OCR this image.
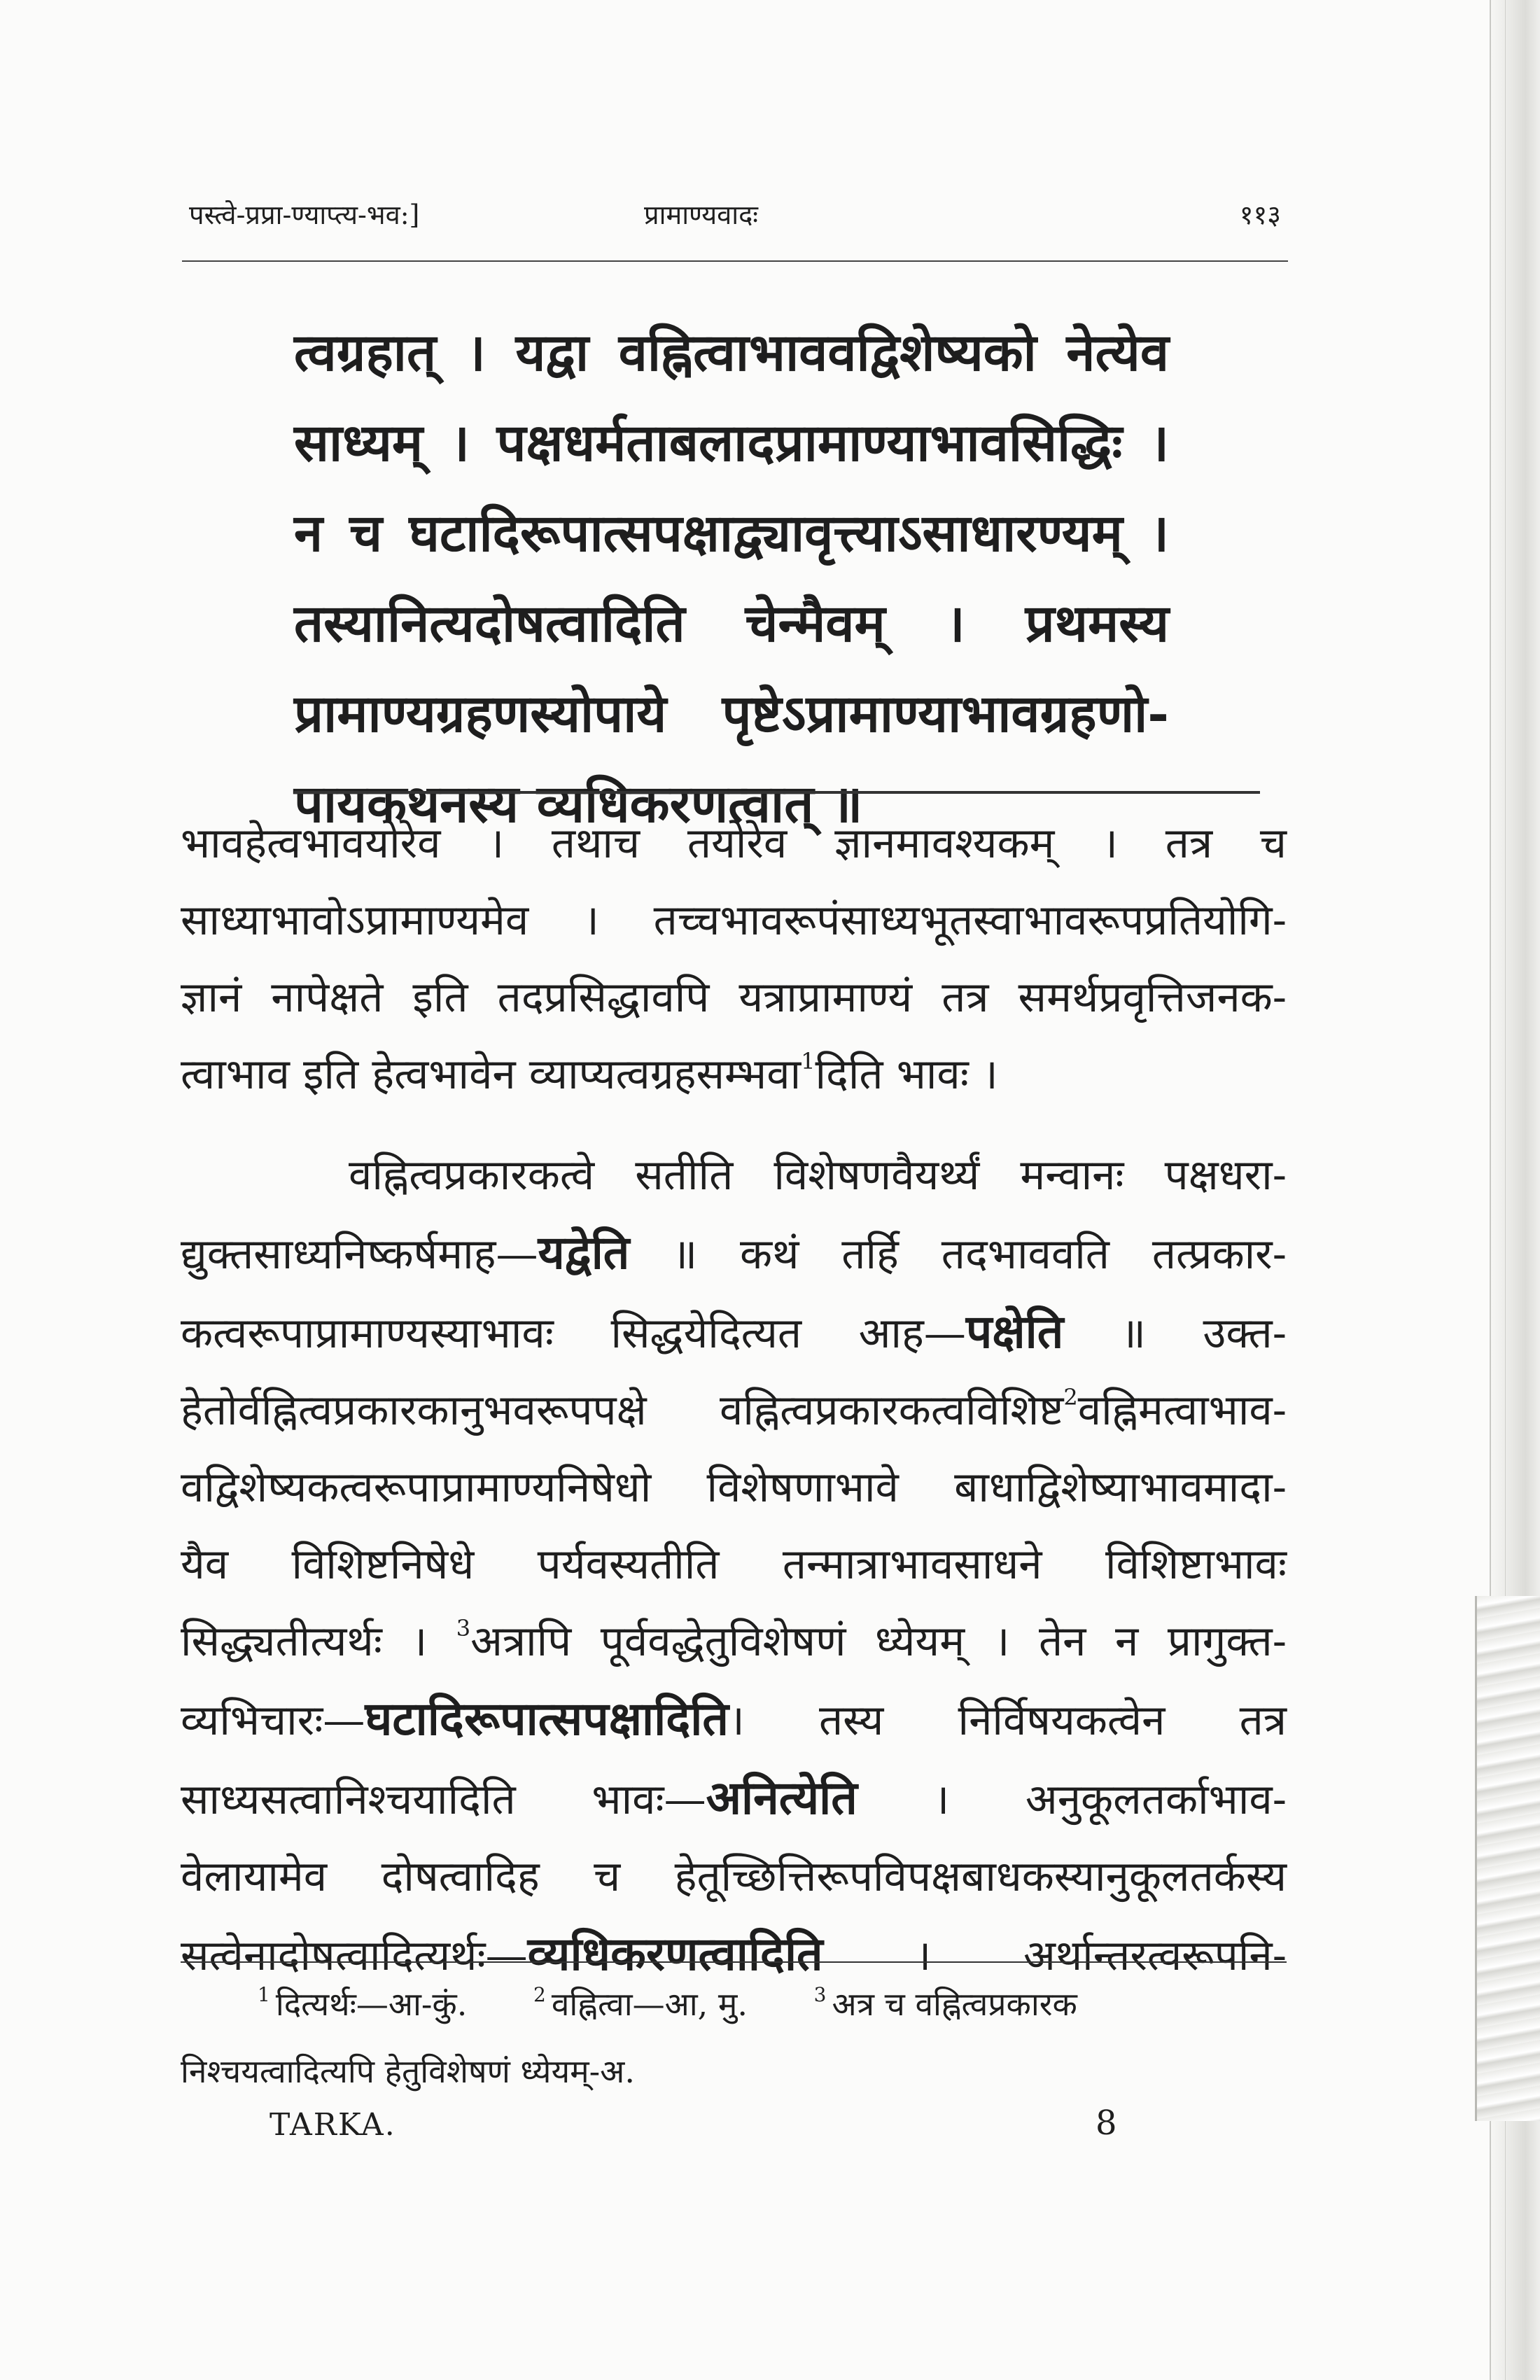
पस्त्वे-प्रप्रा-ण्याप्त्य-भव:]	प्रामाण्यवादः	११३
त्वग्रहात् । यद्वा वह्नित्वाभाववद्विशेष्यको नेत्येव
साध्यम् । पक्षधर्मताबलादप्रामाण्याभावसिद्धिः ।
न च घटादिरूपात्सपक्षाद्व्यावृत्त्याऽसाधारण्यम् ।
तस्यानित्यदोषत्वादिति चेन्मैवम् । प्रथमस्य
प्रामाण्यग्रहणस्योपाये पृष्टेऽप्रामाण्याभावग्रहणो-
पायकथनस्य व्यधिकरणत्वात् ॥
भावहेत्वभावयोरेव । तथाच तयोरेव ज्ञानमावश्यकम् । तत्र च
साध्याभावोऽप्रामाण्यमेव । तच्चभावरूपंसाध्यभूतस्वाभावरूपप्रतियोगि-
ज्ञानं नापेक्षते इति तदप्रसिद्धावपि यत्राप्रामाण्यं तत्र समर्थप्रवृत्तिजनक-
त्वाभाव इति हेत्वभावेन व्याप्यत्वग्रहसम्भवा$^1$दिति भावः ।
वह्नित्वप्रकारकत्वे सतीति विशेषणवैयर्थ्यं मन्वानः पक्षधरा-
द्युक्तसाध्यनिष्कर्षमाह—यद्वेति ॥ कथं तर्हि तदभाववति तत्प्रकार-
कत्वरूपाप्रामाण्यस्याभावः सिद्धयेदित्यत आह—पक्षेति ॥ उक्त-
हेतोर्वह्नित्वप्रकारकानुभवरूपपक्षे वह्नित्वप्रकारकत्वविशिष्ट$^2$वह्निमत्वाभाव-
वद्विशेष्यकत्वरूपाप्रामाण्यनिषेधो विशेषणाभावे बाधाद्विशेष्याभावमादा-
यैव विशिष्टनिषेधे पर्यवस्यतीति तन्मात्राभावसाधने विशिष्टाभावः
सिद्ध्यतीत्यर्थः । $^3$अत्रापि पूर्ववद्धेतुविशेषणं ध्येयम् । तेन न प्रागुक्त-
व्यभिचारः—घटादिरूपात्सपक्षादिति। तस्य निर्विषयकत्वेन तत्र
साध्यसत्वानिश्चयादिति भावः—अनित्येति । अनुकूलतर्काभाव-
वेलायामेव दोषत्वादिह च हेतूच्छित्तिरूपविपक्षबाधकस्यानुकूलतर्कस्य
सत्वेनादोषत्वादित्यर्थः—व्यधिकरणत्वादिति । अर्थान्तरत्वरूपनि-
$^1$ दित्यर्थः—आ-कुं.	$^2$ वह्नित्वा—आ, मु.	$^3$ अत्र च वह्नित्वप्रकारक
निश्चयत्वादित्यपि हेतुविशेषणं ध्येयम्-अ.
TARKA.	8
